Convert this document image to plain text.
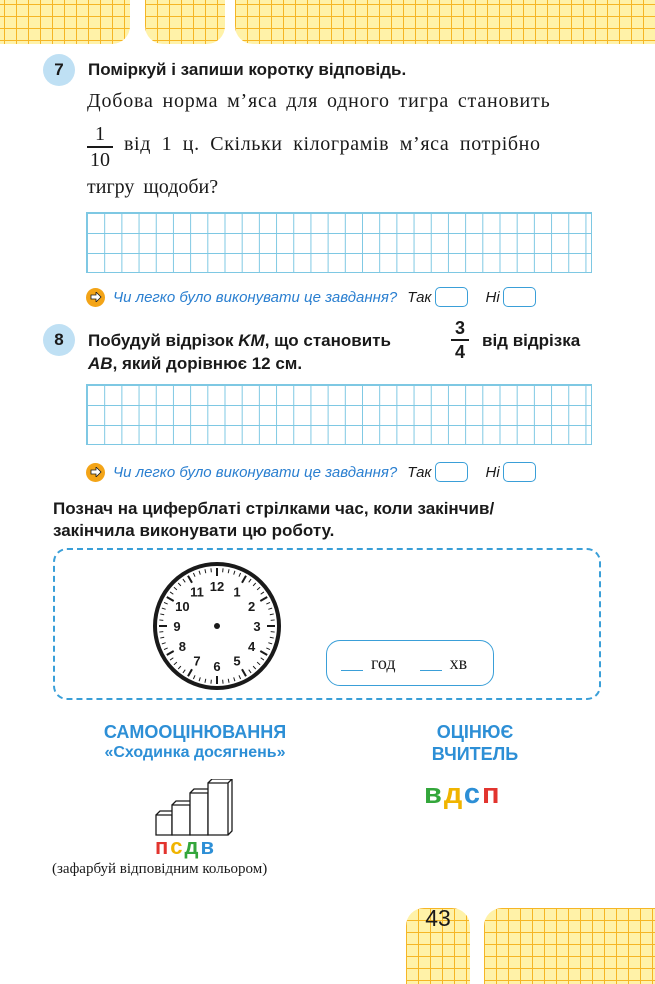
7 Поміркуй і запиши коротку відповідь.
Добова норма м’яса для одного тигра становить
1
10
від 1 ц. Скільки кілограмів м’яса потрібно
тигру щодоби?
Чи легко було виконувати це завдання? Так	Ні
8 Побудуй відрізок KM, що становить
3
4
від відрізка
AB, який дорівнює 12 см.
Чи легко було виконувати це завдання? Так	Ні
Познач на циферблаті стрілками час, коли закінчив/
закінчила виконувати цю роботу.
12 1
2
3
4
5
6
7
8
9
10
11
год	хв
САМООЦІНЮВАННЯ
«Сходинка досягнень»
псдв
(зафарбуй відповідним кольором)
ОЦІНЮЄ
ВЧИТЕЛЬ
вдсп
43
